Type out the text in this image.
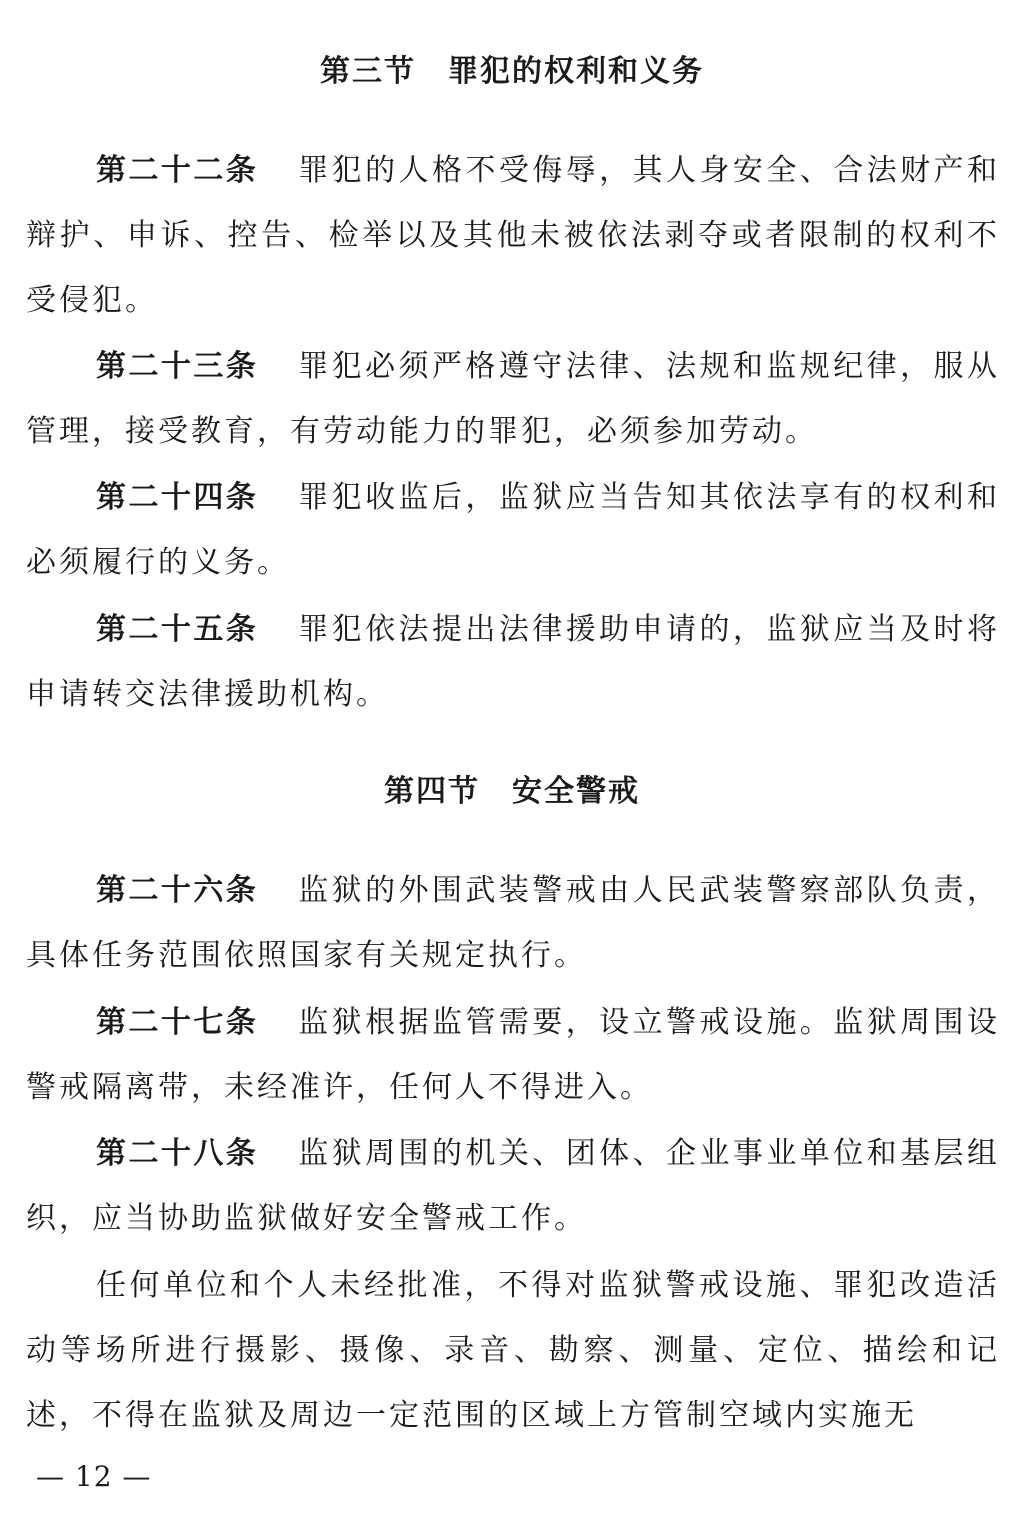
第三节　罪犯的权利和义务

第二十二条 罪犯的人格不受侮辱，其人身安全、合法财产和辩护、申诉、控告、检举以及其他未被依法剥夺或者限制的权利不受侵犯。

第二十三条 罪犯必须严格遵守法律、法规和监规纪律，服从管理，接受教育，有劳动能力的罪犯，必须参加劳动。

第二十四条 罪犯收监后，监狱应当告知其依法享有的权利和必须履行的义务。

第二十五条 罪犯依法提出法律援助申请的，监狱应当及时将申请转交法律援助机构。

第四节　安全警戒

第二十六条 监狱的外围武装警戒由人民武装警察部队负责，具体任务范围依照国家有关规定执行。

第二十七条 监狱根据监管需要，设立警戒设施。监狱周围设警戒隔离带，未经准许，任何人不得进入。

第二十八条 监狱周围的机关、团体、企业事业单位和基层组织，应当协助监狱做好安全警戒工作。

任何单位和个人未经批准，不得对监狱警戒设施、罪犯改造活动等场所进行摄影、摄像、录音、勘察、测量、定位、描绘和记述，不得在监狱及周边一定范围的区域上方管制空域内实施无

— 12 —
